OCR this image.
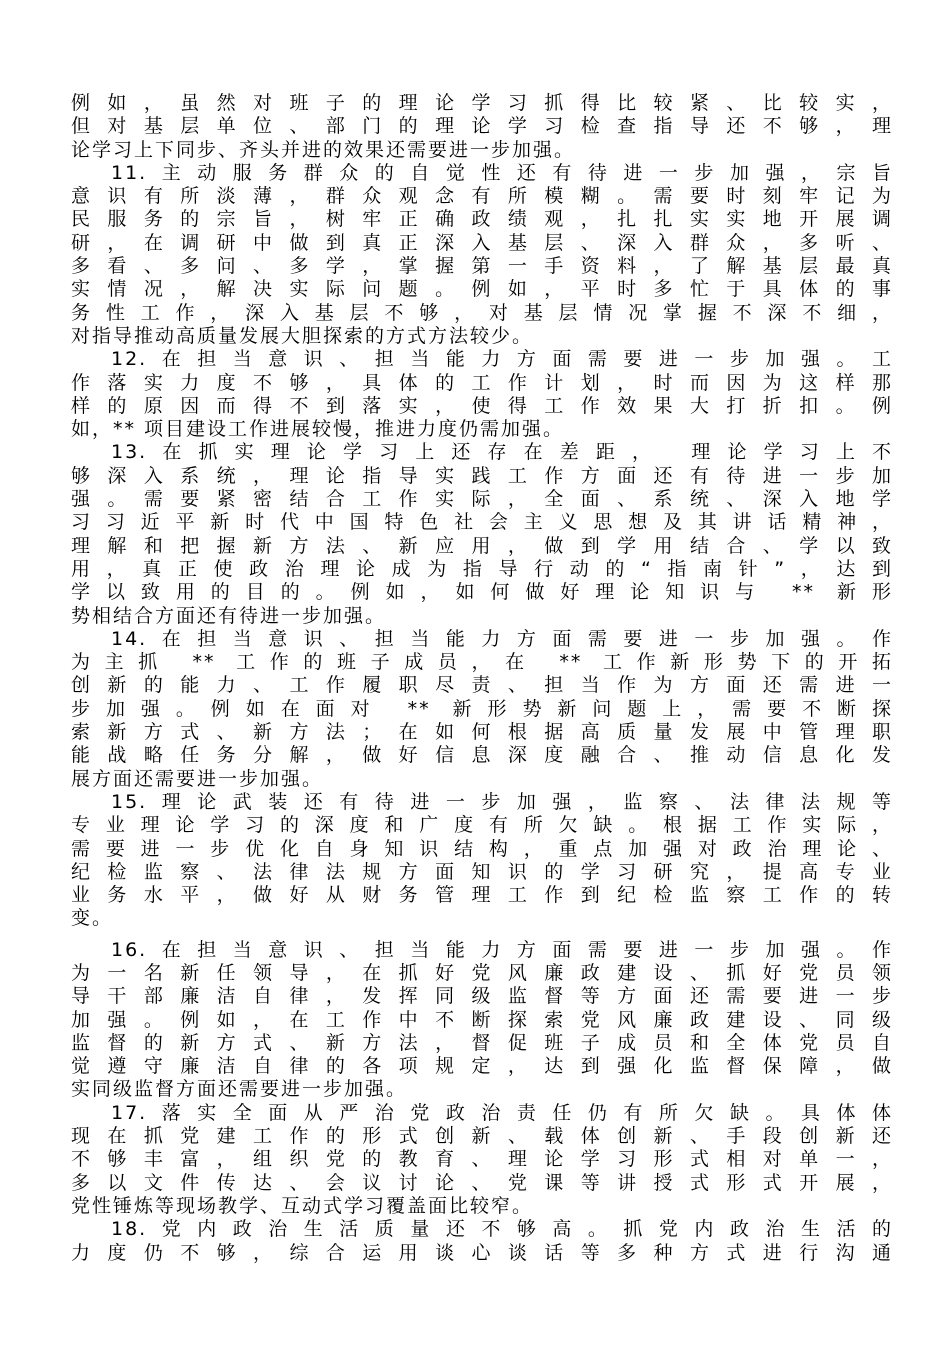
例如，虽然对班子的理论学习抓得比较紧、比较实，
但对基层单位、部门的理论学习检查指导还不够，理
论学习上下同步、齐头并进的效果还需要进一步加强。
11.主动服务群众的自觉性还有待进一步加强，宗旨
意识有所淡薄，群众观念有所模糊。需要时刻牢记为
民服务的宗旨，树牢正确政绩观，扎扎实实地开展调
研，在调研中做到真正深入基层、深入群众，多听、
多看、多问、多学，掌握第一手资料，了解基层最真
实情况，解决实际问题。例如，平时多忙于具体的事
务性工作，深入基层不够，对基层情况掌握不深不细，
对指导推动高质量发展大胆探索的方式方法较少。
12.在担当意识、担当能力方面需要进一步加强。工
作落实力度不够，具体的工作计划，时而因为这样那
样的原因而得不到落实，使得工作效果大打折扣。例
如，** 项目建设工作进展较慢，推进力度仍需加强。
13.在抓实理论学习上还存在差距， 理论学习上不
够深入系统，理论指导实践工作方面还有待进一步加
强。需要紧密结合工作实际，全面、系统、深入地学
习习近平新时代中国特色社会主义思想及其讲话精神，
理解和把握新方法、新应用，做到学用结合、学以致
用，真正使政治理论成为指导行动的“指南针”，达到
学以致用的目的。例如，如何做好理论知识与 ** 新形
势相结合方面还有待进一步加强。
14.在担当意识、担当能力方面需要进一步加强。作
为主抓 ** 工作的班子成员，在 ** 工作新形势下的开拓
创新的能力、工作履职尽责、担当作为方面还需进一
步加强。例如在面对 ** 新形势新问题上，需要不断探
索新方式、新方法；在如何根据高质量发展中管理职
能战略任务分解，做好信息深度融合、推动信息化发
展方面还需要进一步加强。
15.理论武装还有待进一步加强，监察、法律法规等
专业理论学习的深度和广度有所欠缺。根据工作实际，
需要进一步优化自身知识结构，重点加强对政治理论、
纪检监察、法律法规方面知识的学习研究，提高专业
业务水平，做好从财务管理工作到纪检监察工作的转
变。
16.在担当意识、担当能力方面需要进一步加强。作
为一名新任领导，在抓好党风廉政建设、抓好党员领
导干部廉洁自律，发挥同级监督等方面还需要进一步
加强。例如，在工作中不断探索党风廉政建设、同级
监督的新方式、新方法，督促班子成员和全体党员自
觉遵守廉洁自律的各项规定，达到强化监督保障，做
实同级监督方面还需要进一步加强。
17.落实全面从严治党政治责任仍有所欠缺。具体体
现在抓党建工作的形式创新、载体创新、手段创新还
不够丰富，组织党的教育、理论学习形式相对单一，
多以文件传达、会议讨论、党课等讲授式形式开展，
党性锤炼等现场教学、互动式学习覆盖面比较窄。
18.党内政治生活质量还不够高。抓党内政治生活的
力度仍不够，综合运用谈心谈话等多种方式进行沟通
